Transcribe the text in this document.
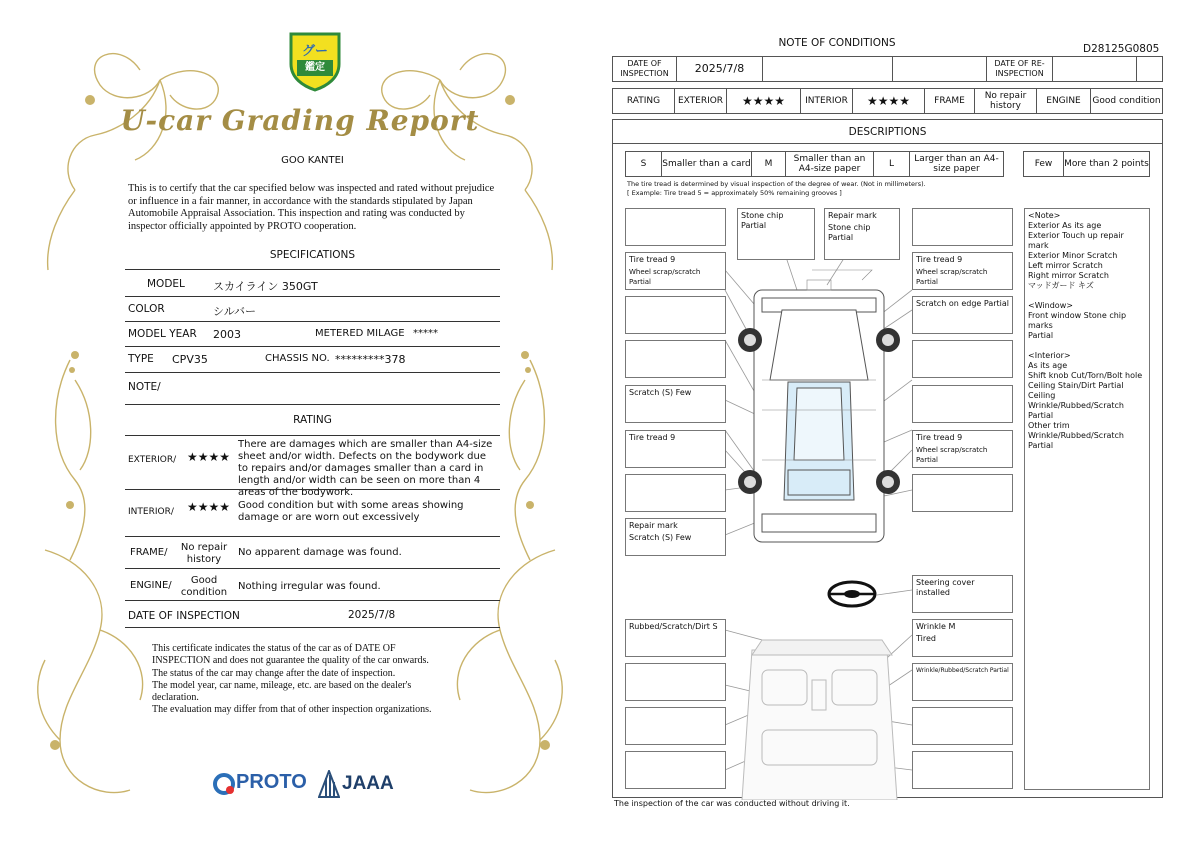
グー
鑑定
U-car Grading Report
GOO KANTEI
This is to certify that the car specified below was inspected and rated without prejudice or influence in a fair manner, in accordance with the standards stipulated by Japan Automobile Appraisal Association. This inspection and rating was conducted by inspector officially appointed by PROTO cooperation.
SPECIFICATIONS
MODEL	スカイライン 350GT
COLOR	シルバー
MODEL YEAR 2003	METERED MILAGE *****
TYPE CPV35	CHASSIS NO. *********378
NOTE/
RATING
EXTERIOR/ ★★★★
There are damages which are smaller than A4-size sheet and/or width. Defects on the bodywork due to repairs and/or damages smaller than a card in length and/or width can be seen on more than 4 areas of the bodywork.
INTERIOR/ ★★★★ Good condition but with some areas showing damage or are worn out excessively
FRAME/	No repair history
No apparent damage was found.
ENGINE/	Good condition
Nothing irregular was found.
DATE OF INSPECTION	2025/7/8
This certificate indicates the status of the car as of DATE OF
INSPECTION and does not guarantee the quality of the car onwards.
The status of the car may change after the date of inspection.
The model year, car name, mileage, etc. are based on the dealer's
declaration.
The evaluation may differ from that of other inspection organizations.
PROTO JAAA
NOTE OF CONDITIONS	D28125G0805
DATE OF INSPECTION	2025/7/8	DATE OF RE-INSPECTION
RATING	EXTERIOR	★★★★	INTERIOR	★★★★	FRAME	No repair history	ENGINE	Good condition
DESCRIPTIONS
S	Smaller than a card	M	Smaller than an A4-size paper	L	Larger than an A4-size paper	Few	More than 2 points
The tire tread is determined by visual inspection of the degree of wear. (Not in millimeters).
[ Example: Tire tread 5 = approximately 50% remaining grooves ]
Stone chip Partial
Repair mark
Stone chip Partial
Tire tread 9
Wheel scrap/scratch Partial
Tire tread 9
Wheel scrap/scratch Partial
Scratch on edge Partial
Scratch (S) Few
Tire tread 9	Tire tread 9
Wheel scrap/scratch Partial
Repair mark
Scratch (S) Few
Steering cover installed
Rubbed/Scratch/Dirt S	Wrinkle M
Tired
Wrinkle/Rubbed/Scratch Partial
<Note>
Exterior As its age
Exterior Touch up repair mark
Exterior Minor Scratch
Left mirror Scratch
Right mirror Scratch
マッドガード キズ
<Window>
Front window Stone chip marks
Partial
<Interior>
As its age
Shift knob Cut/Torn/Bolt hole
Ceiling Stain/Dirt Partial
Ceiling
Wrinkle/Rubbed/Scratch
Partial
Other trim
Wrinkle/Rubbed/Scratch
Partial
The inspection of the car was conducted without driving it.
